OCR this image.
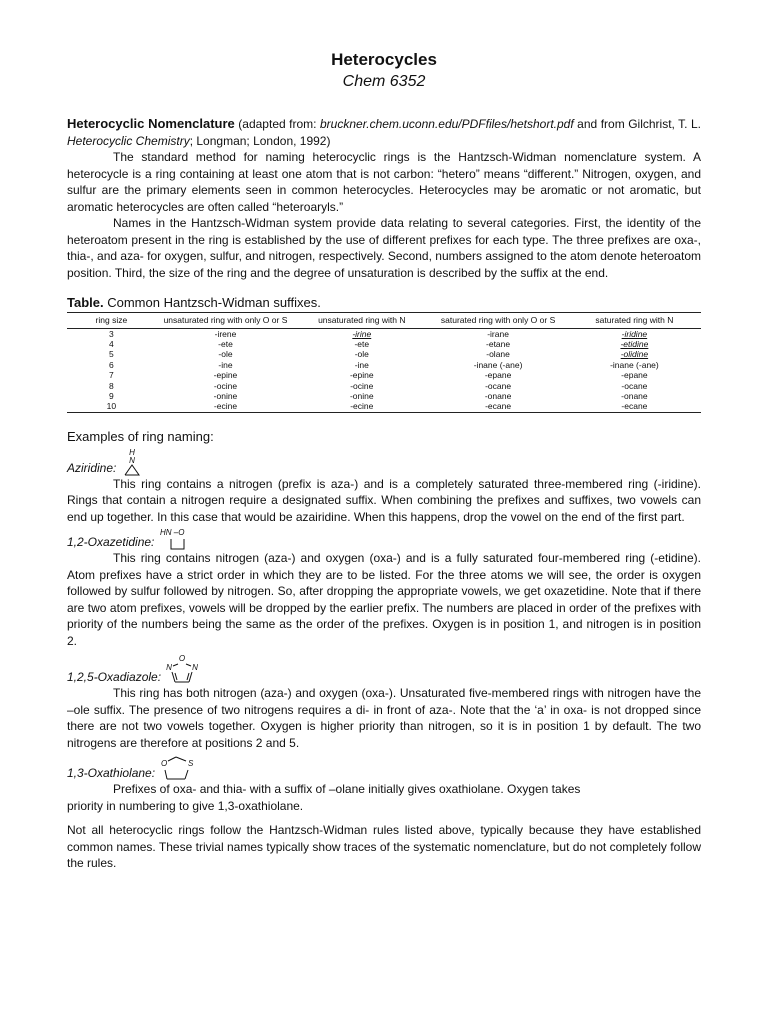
Heterocycles
Chem 6352

Heterocyclic Nomenclature (adapted from: bruckner.chem.uconn.edu/PDFfiles/hetshort.pdf and from Gilchrist, T. L. Heterocyclic Chemistry; Longman; London, 1992)

The standard method for naming heterocyclic rings is the Hantzsch-Widman nomenclature system. A heterocycle is a ring containing at least one atom that is not carbon: “hetero” means “different.” Nitrogen, oxygen, and sulfur are the primary elements seen in common heterocycles. Heterocycles may be aromatic or not aromatic, but aromatic heterocycles are often called “heteroaryls.”

Names in the Hantzsch-Widman system provide data relating to several categories. First, the identity of the heteroatom present in the ring is established by the use of different prefixes for each type. The three prefixes are oxa-, thia-, and aza- for oxygen, sulfur, and nitrogen, respectively. Second, numbers assigned to the atom denote heteroatom position. Third, the size of the ring and the degree of unsaturation is described by the suffix at the end.

Table. Common Hantzsch-Widman suffixes.
ring size	unsaturated ring with only O or S	unsaturated ring with N	saturated ring with only O or S	saturated ring with N
3	-irene	-irine	-irane	-iridine
4	-ete	-ete	-etane	-etidine
5	-ole	-ole	-olane	-olidine
6	-ine	-ine	-inane (-ane)	-inane (-ane)
7	-epine	-epine	-epane	-epane
8	-ocine	-ocine	-ocane	-ocane
9	-onine	-onine	-onane	-onane
10	-ecine	-ecine	-ecane	-ecane
Examples of ring naming:
Aziridine:
H
N

This ring contains a nitrogen (prefix is aza-) and is a completely saturated three-membered ring (-iridine). Rings that contain a nitrogen require a designated suffix. When combining the prefixes and suffixes, two vowels can end up together. In this case that would be azairidine. When this happens, drop the vowel on the end of the first part.

1,2-Oxazetidine:
HN –O

This ring contains nitrogen (aza-) and oxygen (oxa-) and is a fully saturated four-membered ring (-etidine). Atom prefixes have a strict order in which they are to be listed. For the three atoms we will see, the order is oxygen followed by sulfur followed by nitrogen. So, after dropping the appropriate vowels, we get oxazetidine. Note that if there are two atom prefixes, vowels will be dropped by the earlier prefix. The numbers are placed in order of the prefixes with priority of the numbers being the same as the order of the prefixes. Oxygen is in position 1, and nitrogen is in position 2.

1,2,5-Oxadiazole:
O
N	N

This ring has both nitrogen (aza-) and oxygen (oxa-). Unsaturated five-membered rings with nitrogen have the –ole suffix. The presence of two nitrogens requires a di- in front of aza-. Note that the ‘a’ in oxa- is not dropped since there are not two vowels together. Oxygen is higher priority than nitrogen, so it is in position 1 by default. The two nitrogens are therefore at positions 2 and 5.

1,3-Oxathiolane:
O	S

Prefixes of oxa- and thia- with a suffix of –olane initially gives oxathiolane. Oxygen takes

priority in numbering to give 1,3-oxathiolane.

Not all heterocyclic rings follow the Hantzsch-Widman rules listed above, typically because they have established common names. These trivial names typically show traces of the systematic nomenclature, but do not completely follow the rules.
